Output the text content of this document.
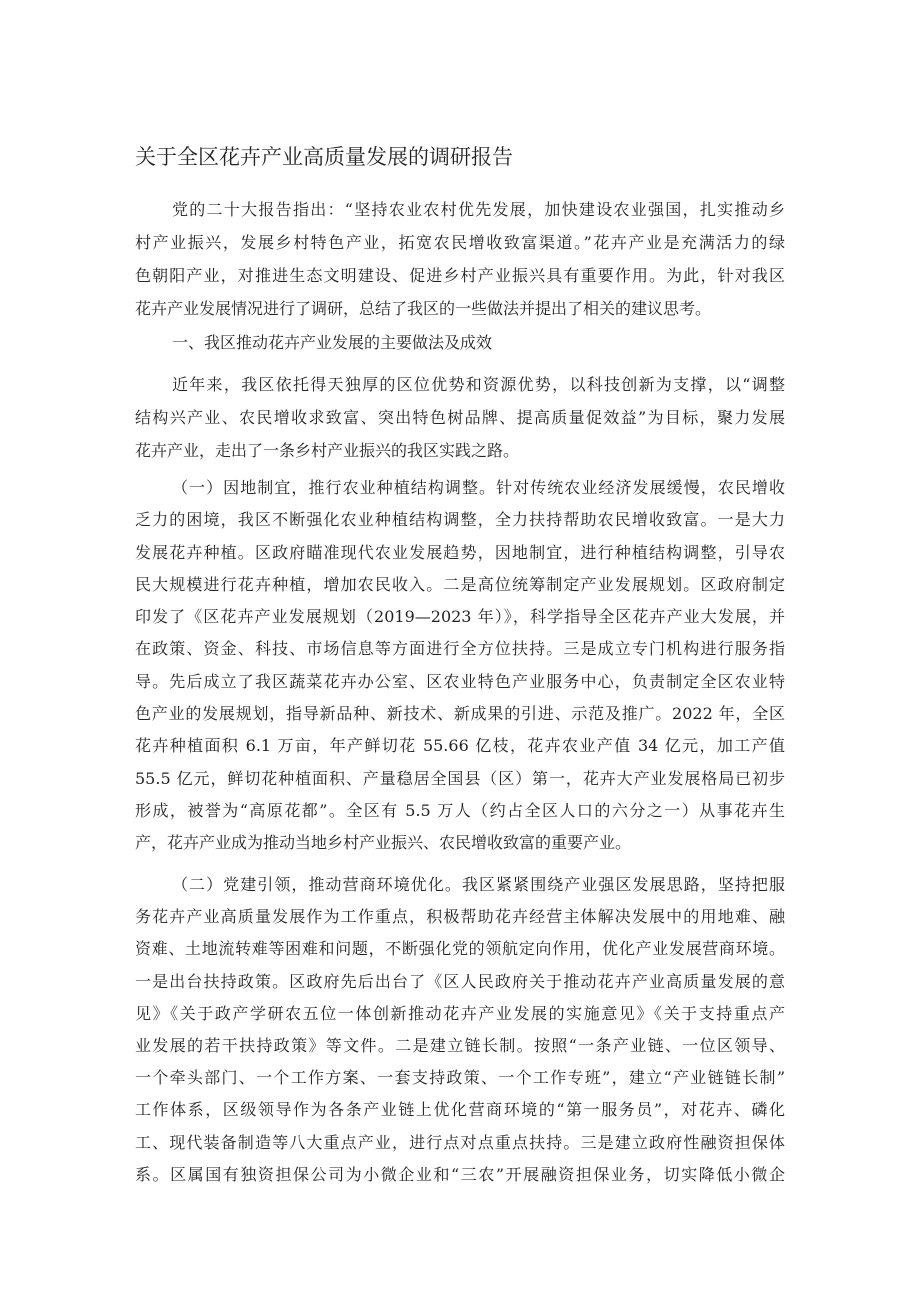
关于全区花卉产业高质量发展的调研报告
党的二十大报告指出：“坚持农业农村优先发展，加快建设农业强国，扎实推动乡
村产业振兴，发展乡村特色产业，拓宽农民增收致富渠道。”花卉产业是充满活力的绿
色朝阳产业，对推进生态文明建设、促进乡村产业振兴具有重要作用。为此，针对我区
花卉产业发展情况进行了调研，总结了我区的一些做法并提出了相关的建议思考。
一、我区推动花卉产业发展的主要做法及成效
近年来，我区依托得天独厚的区位优势和资源优势，以科技创新为支撑，以“调整
结构兴产业、农民增收求致富、突出特色树品牌、提高质量促效益”为目标，聚力发展
花卉产业，走出了一条乡村产业振兴的我区实践之路。
（一）因地制宜，推行农业种植结构调整。针对传统农业经济发展缓慢，农民增收
乏力的困境，我区不断强化农业种植结构调整，全力扶持帮助农民增收致富。一是大力
发展花卉种植。区政府瞄准现代农业发展趋势，因地制宜，进行种植结构调整，引导农
民大规模进行花卉种植，增加农民收入。二是高位统筹制定产业发展规划。区政府制定
印发了《区花卉产业发展规划（2019—2023 年）》，科学指导全区花卉产业大发展，并
在政策、资金、科技、市场信息等方面进行全方位扶持。三是成立专门机构进行服务指
导。先后成立了我区蔬菜花卉办公室、区农业特色产业服务中心，负责制定全区农业特
色产业的发展规划，指导新品种、新技术、新成果的引进、示范及推广。2022 年，全区
花卉种植面积 6.1 万亩，年产鲜切花 55.66 亿枝，花卉农业产值 34 亿元，加工产值
55.5 亿元，鲜切花种植面积、产量稳居全国县（区）第一，花卉大产业发展格局已初步
形成，被誉为“高原花都”。全区有 5.5 万人（约占全区人口的六分之一）从事花卉生
产，花卉产业成为推动当地乡村产业振兴、农民增收致富的重要产业。
（二）党建引领，推动营商环境优化。我区紧紧围绕产业强区发展思路，坚持把服
务花卉产业高质量发展作为工作重点，积极帮助花卉经营主体解决发展中的用地难、融
资难、土地流转难等困难和问题，不断强化党的领航定向作用，优化产业发展营商环境。
一是出台扶持政策。区政府先后出台了《区人民政府关于推动花卉产业高质量发展的意
见》《关于政产学研农五位一体创新推动花卉产业发展的实施意见》《关于支持重点产
业发展的若干扶持政策》等文件。二是建立链长制。按照“一条产业链、一位区领导、
一个牵头部门、一个工作方案、一套支持政策、一个工作专班”，建立“产业链链长制”
工作体系，区级领导作为各条产业链上优化营商环境的“第一服务员”，对花卉、磷化
工、现代装备制造等八大重点产业，进行点对点重点扶持。三是建立政府性融资担保体
系。区属国有独资担保公司为小微企业和“三农”开展融资担保业务，切实降低小微企
